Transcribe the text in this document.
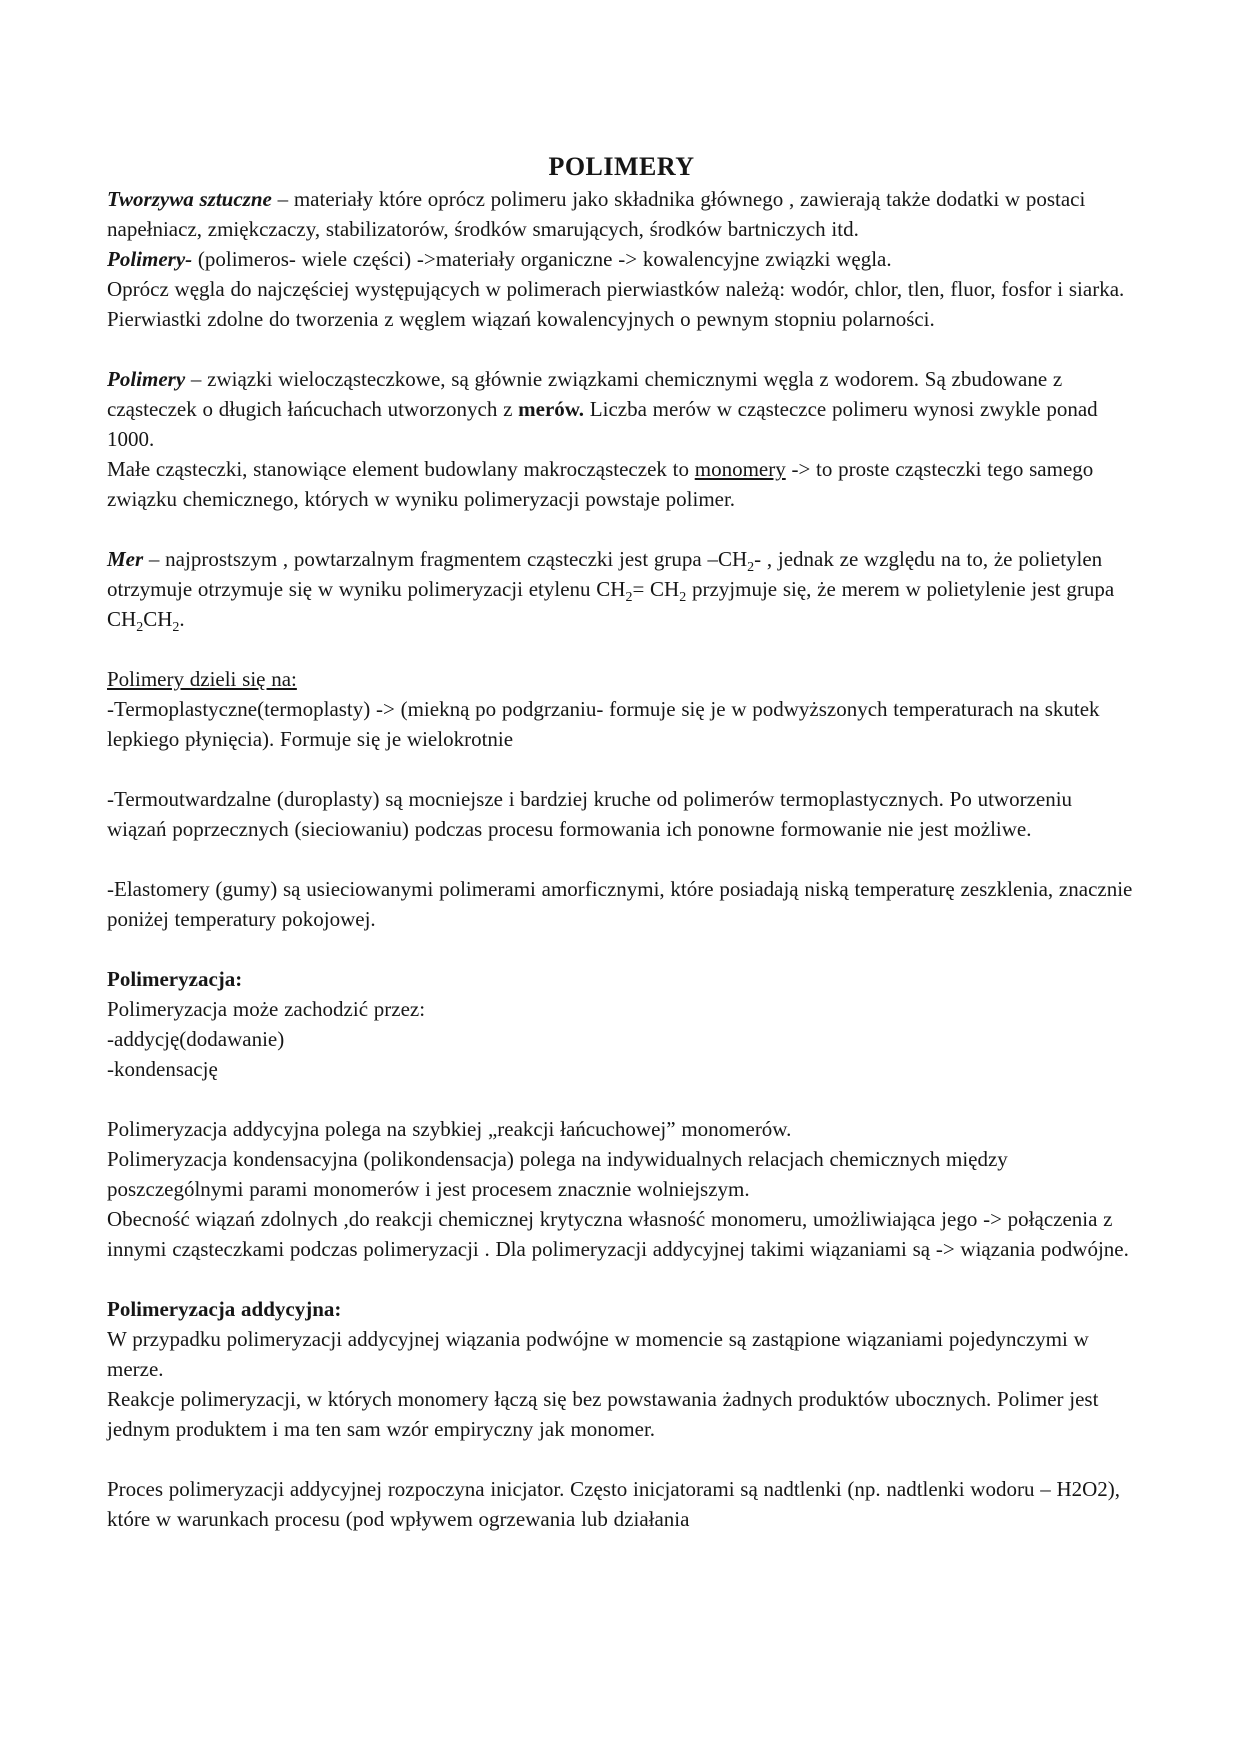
POLIMERY

Tworzywa sztuczne – materiały które oprócz polimeru jako składnika głównego , zawierają także dodatki w postaci napełniacz, zmiękczaczy, stabilizatorów, środków smarujących, środków bartniczych itd.

Polimery- (polimeros- wiele części) ->materiały organiczne -> kowalencyjne związki węgla.

Oprócz węgla do najczęściej występujących w polimerach pierwiastków należą: wodór, chlor, tlen, fluor, fosfor i siarka.

Pierwiastki zdolne do tworzenia z węglem wiązań kowalencyjnych o pewnym stopniu polarności.

Polimery – związki wielocząsteczkowe, są głównie związkami chemicznymi węgla z wodorem. Są zbudowane z cząsteczek o długich łańcuchach utworzonych z merów. Liczba merów w cząsteczce polimeru wynosi zwykle ponad 1000.

Małe cząsteczki, stanowiące element budowlany makrocząsteczek to monomery -> to proste cząsteczki tego samego związku chemicznego, których w wyniku polimeryzacji powstaje polimer.

Mer – najprostszym , powtarzalnym fragmentem cząsteczki jest grupa $-CH_2-$ , jednak ze względu na to, że polietylen otrzymuje otrzymuje się w wyniku polimeryzacji etylenu $CH_2= CH_2$ przyjmuje się, że merem w polietylenie jest grupa $CH_2CH_2$.

Polimery dzieli się na:

-Termoplastyczne(termoplasty) -> (miekną po podgrzaniu- formuje się je w podwyższonych temperaturach na skutek lepkiego płynięcia). Formuje się je wielokrotnie

-Termoutwardzalne (duroplasty) są mocniejsze i bardziej kruche od polimerów termoplastycznych. Po utworzeniu wiązań poprzecznych (sieciowaniu) podczas procesu formowania ich ponowne formowanie nie jest możliwe.

-Elastomery (gumy) są usieciowanymi polimerami amorficznymi, które posiadają niską temperaturę zeszklenia, znacznie poniżej temperatury pokojowej.

Polimeryzacja:

Polimeryzacja może zachodzić przez:

-addycję(dodawanie)

-kondensację

Polimeryzacja addycyjna polega na szybkiej „reakcji łańcuchowej” monomerów.

Polimeryzacja kondensacyjna (polikondensacja) polega na indywidualnych relacjach chemicznych między poszczególnymi parami monomerów i jest procesem znacznie wolniejszym.

Obecność wiązań zdolnych ,do reakcji chemicznej krytyczna własność monomeru, umożliwiająca jego -> połączenia z innymi cząsteczkami podczas polimeryzacji . Dla polimeryzacji addycyjnej takimi wiązaniami są -> wiązania podwójne.

Polimeryzacja addycyjna:

W przypadku polimeryzacji addycyjnej wiązania podwójne w momencie są zastąpione wiązaniami pojedynczymi w merze.

Reakcje polimeryzacji, w których monomery łączą się bez powstawania żadnych produktów ubocznych. Polimer jest jednym produktem i ma ten sam wzór empiryczny jak monomer.

Proces polimeryzacji addycyjnej rozpoczyna inicjator. Często inicjatorami są nadtlenki (np. nadtlenki wodoru – H2O2), które w warunkach procesu (pod wpływem ogrzewania lub działania
